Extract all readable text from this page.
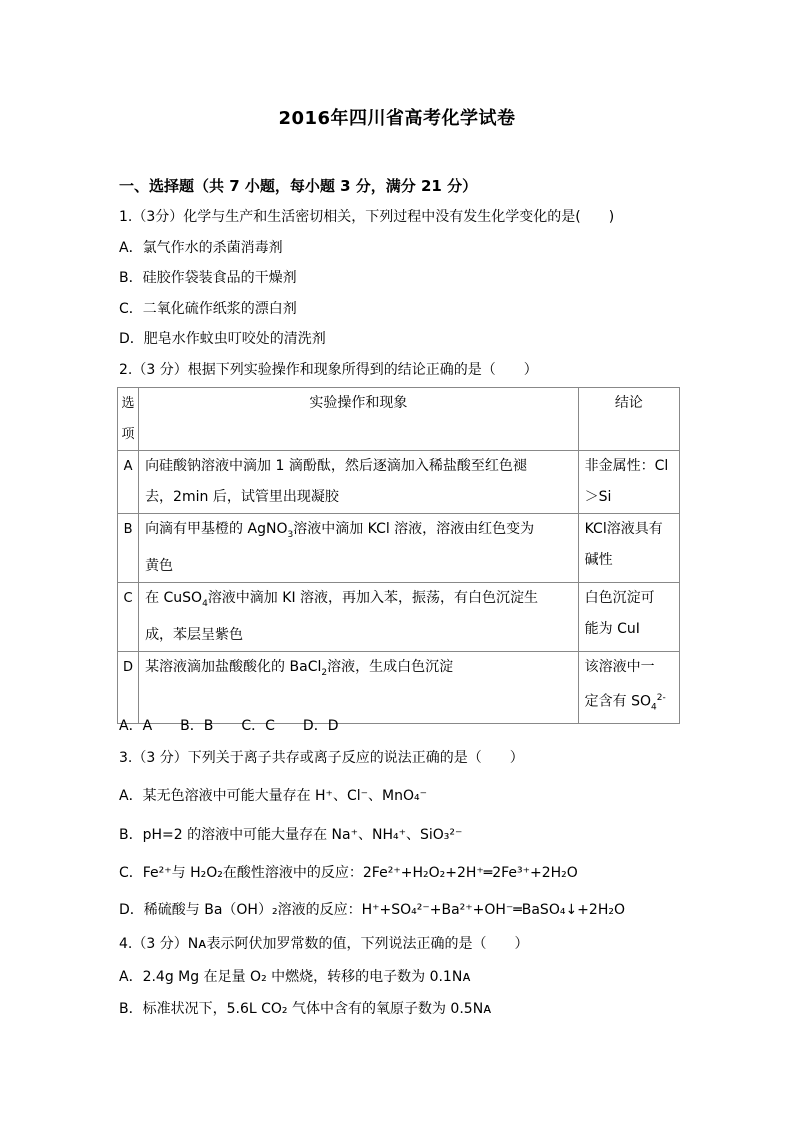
2016年四川省高考化学试卷
一、选择题（共 7 小题，每小题 3 分，满分 21 分）
1.（3分）化学与生产和生活密切相关，下列过程中没有发生化学变化的是(　　)
A．氯气作水的杀菌消毒剂
B．硅胶作袋装食品的干燥剂
C．二氧化硫作纸浆的漂白剂
D．肥皂水作蚊虫叮咬处的清洗剂
2.（3 分）根据下列实验操作和现象所得到的结论正确的是（　　）
选
项	实验操作和现象	结论
A	向硅酸钠溶液中滴加 1 滴酚酞，然后逐滴加入稀盐酸至红色褪
去，2min 后，试管里出现凝胶	非金属性：Cl
＞Si
B	向滴有甲基橙的 AgNO$_3$溶液中滴加 KCl 溶液，溶液由红色变为
黄色	KCl溶液具有
碱性
C	在 CuSO$_4$溶液中滴加 KI 溶液，再加入苯，振荡，有白色沉淀生
成，苯层呈紫色	白色沉淀可
能为 CuI
D	某溶液滴加盐酸酸化的 BaCl$_2$溶液，生成白色沉淀	该溶液中一
定含有 $SO_4^{2-}$
A．A　　B．B　　C．C　　D．D
3.（3 分）下列关于离子共存或离子反应的说法正确的是（　　）
A．某无色溶液中可能大量存在 H⁺、Cl⁻、MnO₄⁻
B．pH=2 的溶液中可能大量存在 Na⁺、NH₄⁺、SiO₃²⁻
C．Fe²⁺与 H₂O₂在酸性溶液中的反应：2Fe²⁺+H₂O₂+2H⁺═2Fe³⁺+2H₂O
D．稀硫酸与 Ba（OH）₂溶液的反应：H⁺+SO₄²⁻+Ba²⁺+OH⁻═BaSO₄↓+2H₂O
4.（3 分）Nᴀ表示阿伏加罗常数的值，下列说法正确的是（　　）
A．2.4g Mg 在足量 O₂ 中燃烧，转移的电子数为 0.1Nᴀ
B．标准状况下，5.6L CO₂ 气体中含有的氧原子数为 0.5Nᴀ
